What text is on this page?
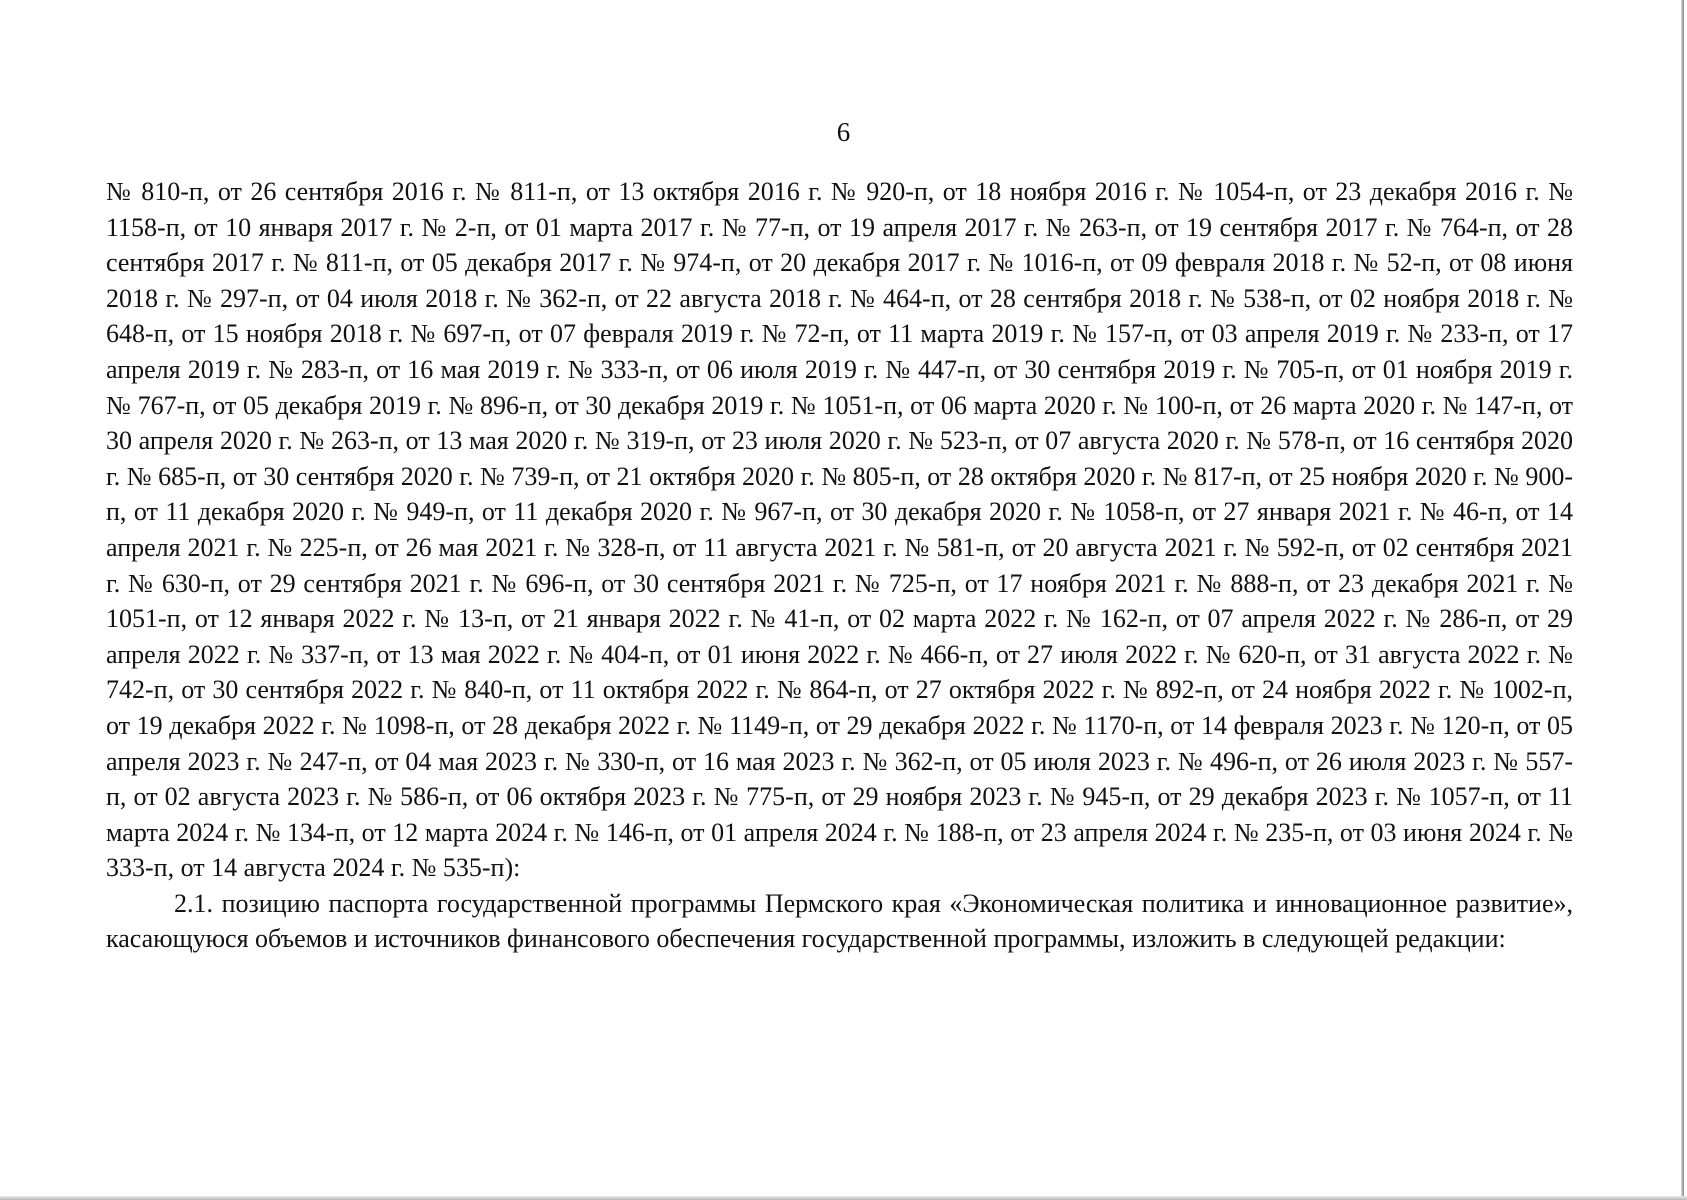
6

№ 810-п, от 26 сентября 2016 г. № 811-п, от 13 октября 2016 г. № 920-п, от 18 ноября 2016 г. № 1054-п, от 23 декабря 2016 г. № 1158-п, от 10 января 2017 г. № 2-п, от 01 марта 2017 г. № 77-п, от 19 апреля 2017 г. № 263-п, от 19 сентября 2017 г. № 764-п, от 28 сентября 2017 г. № 811-п, от 05 декабря 2017 г. № 974-п, от 20 декабря 2017 г. № 1016-п, от 09 февраля 2018 г. № 52-п, от 08 июня 2018 г. № 297-п, от 04 июля 2018 г. № 362-п, от 22 августа 2018 г. № 464-п, от 28 сентября 2018 г. № 538-п, от 02 ноября 2018 г. № 648-п, от 15 ноября 2018 г. № 697-п, от 07 февраля 2019 г. № 72-п, от 11 марта 2019 г. № 157-п, от 03 апреля 2019 г. № 233-п, от 17 апреля 2019 г. № 283-п, от 16 мая 2019 г. № 333-п, от 06 июля 2019 г. № 447-п, от 30 сентября 2019 г. № 705-п, от 01 ноября 2019 г. № 767-п, от 05 декабря 2019 г. № 896-п, от 30 декабря 2019 г. № 1051-п, от 06 марта 2020 г. № 100-п, от 26 марта 2020 г. № 147-п, от 30 апреля 2020 г. № 263-п, от 13 мая 2020 г. № 319-п, от 23 июля 2020 г. № 523-п, от 07 августа 2020 г. № 578-п, от 16 сентября 2020 г. № 685-п, от 30 сентября 2020 г. № 739-п, от 21 октября 2020 г. № 805-п, от 28 октября 2020 г. № 817-п, от 25 ноября 2020 г. № 900-п, от 11 декабря 2020 г. № 949-п, от 11 декабря 2020 г. № 967-п, от 30 декабря 2020 г. № 1058-п, от 27 января 2021 г. № 46-п, от 14 апреля 2021 г. № 225-п, от 26 мая 2021 г. № 328-п, от 11 августа 2021 г. № 581-п, от 20 августа 2021 г. № 592-п, от 02 сентября 2021 г. № 630-п, от 29 сентября 2021 г. № 696-п, от 30 сентября 2021 г. № 725-п, от 17 ноября 2021 г. № 888-п, от 23 декабря 2021 г. № 1051-п, от 12 января 2022 г. № 13-п, от 21 января 2022 г. № 41-п, от 02 марта 2022 г. № 162-п, от 07 апреля 2022 г. № 286-п, от 29 апреля 2022 г. № 337-п, от 13 мая 2022 г. № 404-п, от 01 июня 2022 г. № 466-п, от 27 июля 2022 г. № 620-п, от 31 августа 2022 г. № 742-п, от 30 сентября 2022 г. № 840-п, от 11 октября 2022 г. № 864-п, от 27 октября 2022 г. № 892-п, от 24 ноября 2022 г. № 1002-п, от 19 декабря 2022 г. № 1098-п, от 28 декабря 2022 г. № 1149-п, от 29 декабря 2022 г. № 1170-п, от 14 февраля 2023 г. № 120-п, от 05 апреля 2023 г. № 247-п, от 04 мая 2023 г. № 330-п, от 16 мая 2023 г. № 362-п, от 05 июля 2023 г. № 496-п, от 26 июля 2023 г. № 557-п, от 02 августа 2023 г. № 586-п, от 06 октября 2023 г. № 775-п, от 29 ноября 2023 г. № 945-п, от 29 декабря 2023 г. № 1057-п, от 11 марта 2024 г. № 134-п, от 12 марта 2024 г. № 146-п, от 01 апреля 2024 г. № 188-п, от 23 апреля 2024 г. № 235-п, от 03 июня 2024 г. № 333-п, от 14 августа 2024 г. № 535-п):

2.1. позицию паспорта государственной программы Пермского края «Экономическая политика и инновационное развитие», касающуюся объемов и источников финансового обеспечения государственной программы, изложить в следующей редакции:
